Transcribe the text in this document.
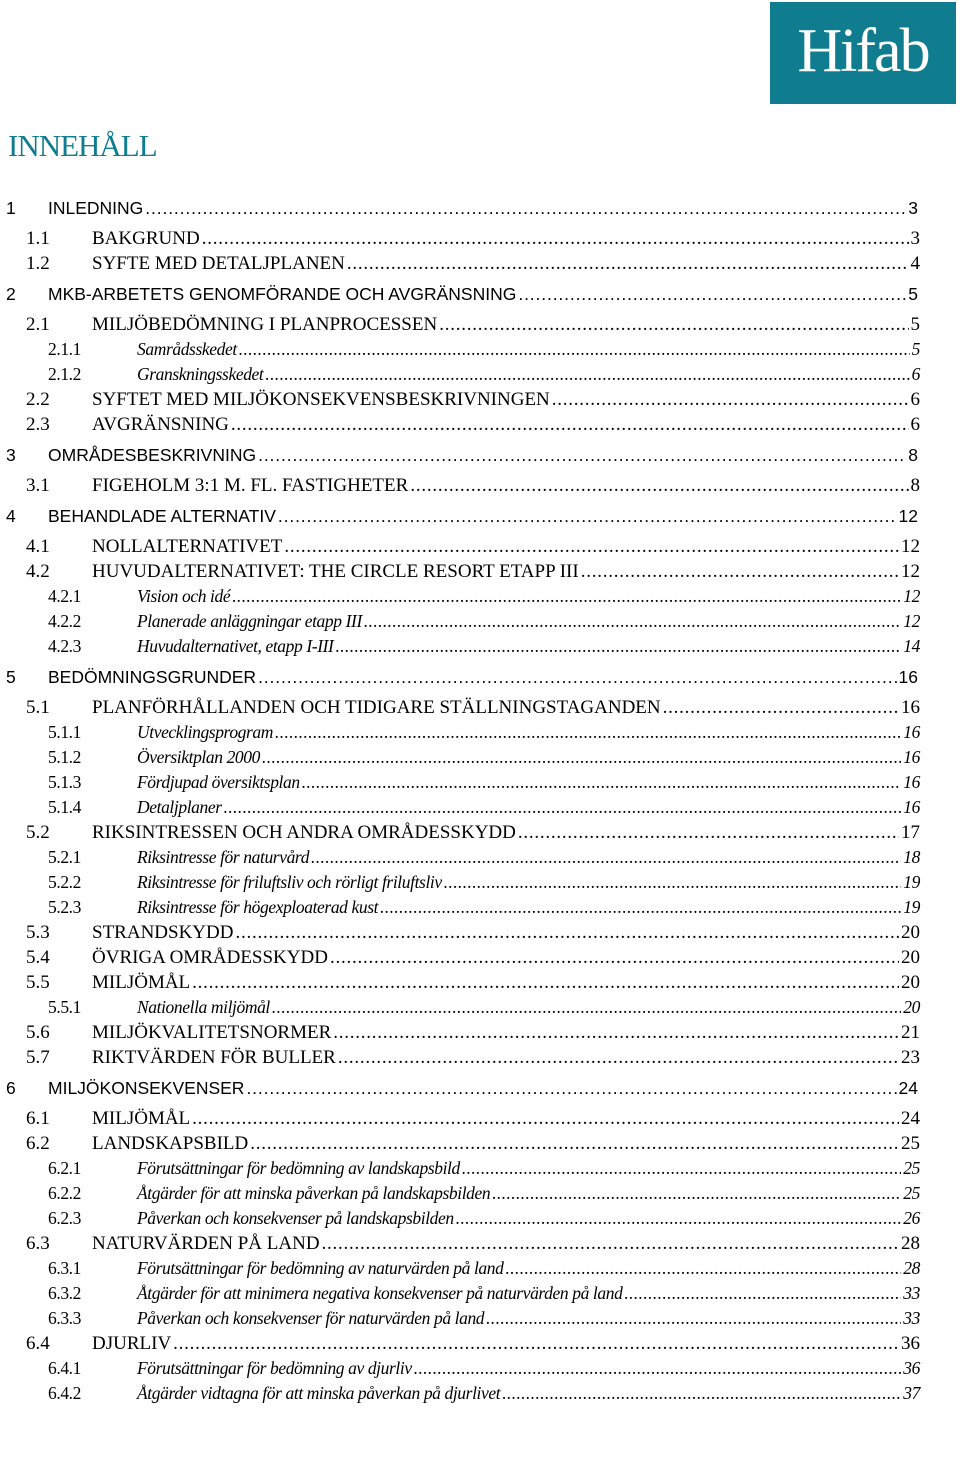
Hifab
INNEHÅLL
1	INLEDNING . . .	3
1.1	BAKGRUND . . .	3
1.2	SYFTE MED DETALJPLANEN . . .	4
2	MKB-ARBETETS GENOMFÖRANDE OCH AVGRÄNSNING . . .	5
2.1	MILJÖBEDÖMNING I PLANPROCESSEN . . .	5
2.1.1	Samrådsskedet . . .	5
2.1.2	Granskningsskedet . . .	6
2.2	SYFTET MED MILJÖKONSEKVENSBESKRIVNINGEN . . .	6
2.3	AVGRÄNSNING . . .	6
3	OMRÅDESBESKRIVNING . . .	8
3.1	FIGEHOLM 3:1 M. FL. FASTIGHETER . . .	8
4	BEHANDLADE ALTERNATIV . . .	12
4.1	NOLLALTERNATIVET . . .	12
4.2	HUVUDALTERNATIVET: THE CIRCLE RESORT ETAPP III . . .	12
4.2.1	Vision och idé . . .	12
4.2.2	Planerade anläggningar etapp III . . .	12
4.2.3	Huvudalternativet, etapp I-III . . .	14
5	BEDÖMNINGSGRUNDER . . .	16
5.1	PLANFÖRHÅLLANDEN OCH TIDIGARE STÄLLNINGSTAGANDEN . . .	16
5.1.1	Utvecklingsprogram . . .	16
5.1.2	Översiktplan 2000 . . .	16
5.1.3	Fördjupad översiktsplan . . .	16
5.1.4	Detaljplaner . . .	16
5.2	RIKSINTRESSEN OCH ANDRA OMRÅDESSKYDD . . .	17
5.2.1	Riksintresse för naturvård . . .	18
5.2.2	Riksintresse för friluftsliv och rörligt friluftsliv . . .	19
5.2.3	Riksintresse för högexploaterad kust . . .	19
5.3	STRANDSKYDD . . .	20
5.4	ÖVRIGA OMRÅDESSKYDD . . .	20
5.5	MILJÖMÅL . . .	20
5.5.1	Nationella miljömål . . .	20
5.6	MILJÖKVALITETSNORMER . . .	21
5.7	RIKTVÄRDEN FÖR BULLER . . .	23
6	MILJÖKONSEKVENSER . . .	24
6.1	MILJÖMÅL . . .	24
6.2	LANDSKAPSBILD . . .	25
6.2.1	Förutsättningar för bedömning av landskapsbild . . .	25
6.2.2	Åtgärder för att minska påverkan på landskapsbilden . . .	25
6.2.3	Påverkan och konsekvenser på landskapsbilden . . .	26
6.3	NATURVÄRDEN PÅ LAND . . .	28
6.3.1	Förutsättningar för bedömning av naturvärden på land . . .	28
6.3.2	Åtgärder för att minimera negativa konsekvenser på naturvärden på land . . .	33
6.3.3	Påverkan och konsekvenser för naturvärden på land . . .	33
6.4	DJURLIV . . .	36
6.4.1	Förutsättningar för bedömning av djurliv . . .	36
6.4.2	Åtgärder vidtagna för att minska påverkan på djurlivet . . .	37
